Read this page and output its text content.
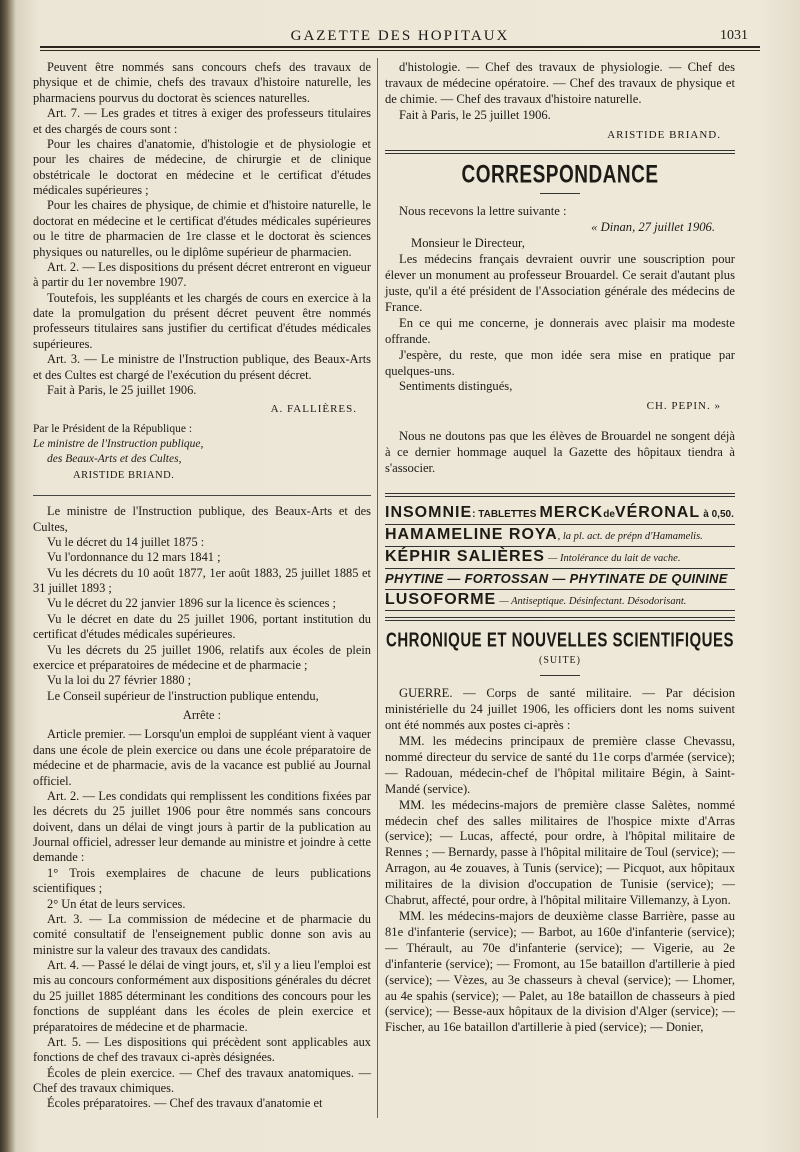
GAZETTE DES HOPITAUX	1031

Peuvent être nommés sans concours chefs des travaux de physique et de chimie, chefs des travaux d'histoire naturelle, les pharmaciens pourvus du doctorat ès sciences naturelles.

Art. 7. — Les grades et titres à exiger des professeurs titulaires et des chargés de cours sont :

Pour les chaires d'anatomie, d'histologie et de physiologie et pour les chaires de médecine, de chirurgie et de clinique obstétricale le doctorat en médecine et le certificat d'études médicales supérieures ;

Pour les chaires de physique, de chimie et d'histoire naturelle, le doctorat en médecine et le certificat d'études médicales supérieures ou le titre de pharmacien de 1re classe et le doctorat ès sciences physiques ou naturelles, ou le diplôme supérieur de pharmacien.

Art. 2. — Les dispositions du présent décret entreront en vigueur à partir du 1er novembre 1907.

Toutefois, les suppléants et les chargés de cours en exercice à la date la promulgation du présent décret peuvent être nommés professeurs titulaires sans justifier du certificat d'études médicales supérieures.

Art. 3. — Le ministre de l'Instruction publique, des Beaux-Arts et des Cultes est chargé de l'exécution du présent décret.

Fait à Paris, le 25 juillet 1906.

A. FALLIÈRES.

Par le Président de la République :

Le ministre de l'Instruction publique,

des Beaux-Arts et des Cultes,

ARISTIDE BRIAND.

Le ministre de l'Instruction publique, des Beaux-Arts et des Cultes,

Vu le décret du 14 juillet 1875 :

Vu l'ordonnance du 12 mars 1841 ;

Vu les décrets du 10 août 1877, 1er août 1883, 25 juillet 1885 et 31 juillet 1893 ;

Vu le décret du 22 janvier 1896 sur la licence ès sciences ;

Vu le décret en date du 25 juillet 1906, portant institution du certificat d'études médicales supérieures.

Vu les décrets du 25 juillet 1906, relatifs aux écoles de plein exercice et préparatoires de médecine et de pharmacie ;

Vu la loi du 27 février 1880 ;

Le Conseil supérieur de l'instruction publique entendu,

Arrête :

Article premier. — Lorsqu'un emploi de suppléant vient à vaquer dans une école de plein exercice ou dans une école préparatoire de médecine et de pharmacie, avis de la vacance est publié au Journal officiel.

Art. 2. — Les condidats qui remplissent les conditions fixées par les décrets du 25 juillet 1906 pour être nommés sans concours doivent, dans un délai de vingt jours à partir de la publication au Journal officiel, adresser leur demande au ministre et joindre à cette demande :

1° Trois exemplaires de chacune de leurs publications scientifiques ;

2° Un état de leurs services.

Art. 3. — La commission de médecine et de pharmacie du comité consultatif de l'enseignement public donne son avis au ministre sur la valeur des travaux des candidats.

Art. 4. — Passé le délai de vingt jours, et, s'il y a lieu l'emploi est mis au concours conformément aux dispositions générales du décret du 25 juillet 1885 déterminant les conditions des concours pour les fonctions de suppléant dans les écoles de plein exercice et préparatoires de médecine et de pharmacie.

Art. 5. — Les dispositions qui précèdent sont applicables aux fonctions de chef des travaux ci-après désignées.

Écoles de plein exercice. — Chef des travaux anatomiques. — Chef des travaux chimiques.

Écoles préparatoires. — Chef des travaux d'anatomie et

d'histologie. — Chef des travaux de physiologie. — Chef des travaux de médecine opératoire. — Chef des travaux de physique et de chimie. — Chef des travaux d'histoire naturelle.

Fait à Paris, le 25 juillet 1906.

ARISTIDE BRIAND.
CORRESPONDANCE

Nous recevons la lettre suivante :

« Dinan, 27 juillet 1906.

Monsieur le Directeur,

Les médecins français devraient ouvrir une souscription pour élever un monument au professeur Brouardel. Ce serait d'autant plus juste, qu'il a été président de l'Association générale des médecins de France.

En ce qui me concerne, je donnerais avec plaisir ma modeste offrande.

J'espère, du reste, que mon idée sera mise en pratique par quelques-uns.

Sentiments distingués,

CH. PEPIN. »

Nous ne doutons pas que les élèves de Brouardel ne songent déjà à ce dernier hommage auquel la Gazette des hôpitaux tiendra à s'associer.

INSOMNIE: TABLETTES MERCKdeVÉRONAL à 0,50.
HAMAMELINE ROYA, la pl. act. de prépn d'Hamamelis.
KÉPHIR SALIÈRES — Intolérance du lait de vache.
PHYTINE — FORTOSSAN — PHYTINATE DE QUININE
LUSOFORME — Antiseptique. Désinfectant. Désodorisant.
CHRONIQUE ET NOUVELLES SCIENTIFIQUES
(SUITE)

GUERRE. — Corps de santé militaire. — Par décision ministérielle du 24 juillet 1906, les officiers dont les noms suivent ont été nommés aux postes ci-après :

MM. les médecins principaux de première classe Chevassu, nommé directeur du service de santé du 11e corps d'armée (service); — Radouan, médecin-chef de l'hôpital militaire Bégin, à Saint-Mandé (service).

MM. les médecins-majors de première classe Salètes, nommé médecin chef des salles militaires de l'hospice mixte d'Arras (service); — Lucas, affecté, pour ordre, à l'hôpital militaire de Rennes ; — Bernardy, passe à l'hôpital militaire de Toul (service); — Arragon, au 4e zouaves, à Tunis (service); — Picquot, aux hôpitaux militaires de la division d'occupation de Tunisie (service); — Chabrut, affecté, pour ordre, à l'hôpital militaire Villemanzy, à Lyon.

MM. les médecins-majors de deuxième classe Barrière, passe au 81e d'infanterie (service); — Barbot, au 160e d'infanterie (service); — Thérault, au 70e d'infanterie (service); — Vigerie, au 2e d'infanterie (service); — Fromont, au 15e bataillon d'artillerie à pied (service); — Vèzes, au 3e chasseurs à cheval (service); — Lhomer, au 4e spahis (service); — Palet, au 18e bataillon de chasseurs à pied (service); — Besse-aux hôpitaux de la division d'Alger (service); — Fischer, au 16e bataillon d'artillerie à pied (service); — Donier,
